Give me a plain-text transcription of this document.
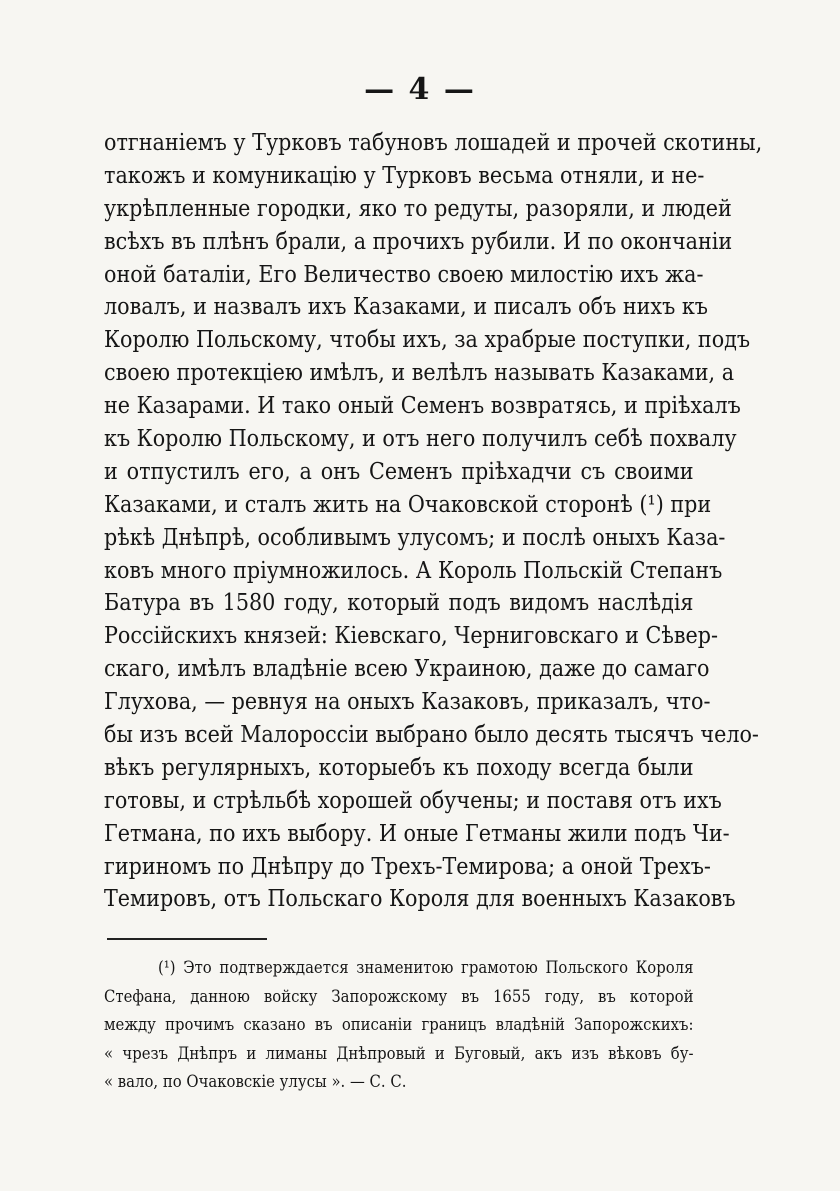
— 4 —
отгнаніемъ у Турковъ табуновъ лошадей и прочей скотины,
такожъ и комуникацію у Турковъ весьма отняли, и не-
укрѣпленные городки, яко то редуты, разоряли, и людей
всѣхъ въ плѣнъ брали, а прочихъ рубили. И по окончаніи
оной баталіи, Его Величество своею милостію ихъ жа-
ловалъ, и назвалъ ихъ Казаками, и писалъ объ нихъ къ
Королю Польскому, чтобы ихъ, за храбрые поступки, подъ
своею протекціею имѣлъ, и велѣлъ называть Казаками, а
не Казарами. И тако оный Семенъ возвратясь, и пріѣхалъ
къ Королю Польскому, и отъ него получилъ себѣ похвалу
и отпустилъ его, а онъ Семенъ пріѣхадчи съ своими
Казаками, и сталъ жить на Очаковской сторонѣ (¹) при
рѣкѣ Днѣпрѣ, особливымъ улусомъ; и послѣ оныхъ Каза-
ковъ много пріумножилось. А Король Польскій Степанъ
Батура въ 1580 году, который подъ видомъ наслѣдія
Россійскихъ князей: Кіевскаго, Черниговскаго и Сѣвер-
скаго, имѣлъ владѣніе всею Украиною, даже до самаго
Глухова, — ревнуя на оныхъ Казаковъ, приказалъ, что-
бы изъ всей Малороссіи выбрано было десять тысячъ чело-
вѣкъ регулярныхъ, которыебъ къ походу всегда были
готовы, и стрѣльбѣ хорошей обучены; и поставя отъ ихъ
Гетмана, по ихъ выбору. И оные Гетманы жили подъ Чи-
гириномъ по Днѣпру до Трехъ-Темирова; а оной Трехъ-
Темировъ, отъ Польскаго Короля для военныхъ Казаковъ
(¹) Это подтверждается знаменитою грамотою Польского Короля
Стефана, данною войску Запорожскому въ 1655 году, въ которой
между прочимъ сказано въ описаніи границъ владѣній Запорожскихъ:
« чрезъ Днѣпръ и лиманы Днѣпровый и Буговый, акъ изъ вѣковъ бу-
« вало, по Очаковскіе улусы ». — С. С.
